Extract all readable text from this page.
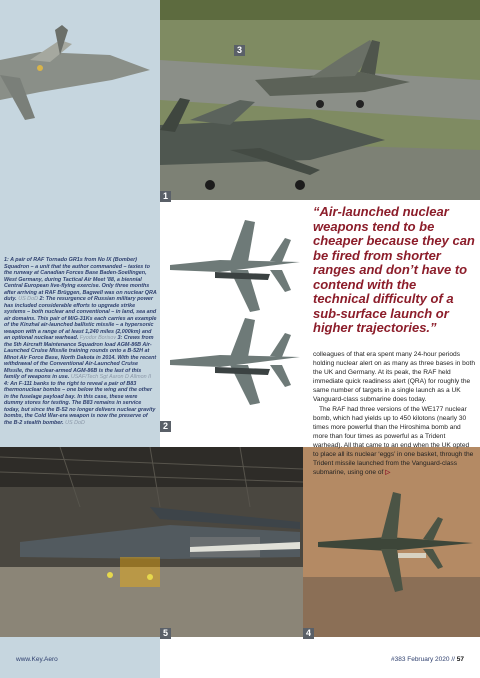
3
1
2
5	4
1: A pair of RAF Tornado GR1s from No IX (Bomber) Squadron – a unit that the author commanded – taxies to the runway at Canadian Forces Base Baden-Soellingen, West Germany, during Tactical Air Meet '88, a biennial Central European live-flying exercise. Only three months after arriving at RAF Brüggen, Bagwell was on nuclear QRA duty. US DoD 2: The resurgence of Russian military power has included considerable efforts to upgrade strike systems – both nuclear and conventional – in land, sea and air domains. This pair of MiG-31Ks each carries an example of the Kinzhal air-launched ballistic missile – a hypersonic weapon with a range of at least 1,240 miles (2,000km) and an optional nuclear warhead. Fyodor Borisov 3: Crews from the 5th Aircraft Maintenance Squadron load AGM-86B Air-Launched Cruise Missile training rounds onto a B-52H at Minot Air Force Base, North Dakota in 2014. With the recent withdrawal of the Conventional Air-Launched Cruise Missile, the nuclear-armed AGM-86B is the last of this family of weapons in use. USAF/Tech Sgt Aaron D Allmon II 4: An F-111 banks to the right to reveal a pair of B83 thermonuclear bombs – one below the wing and the other in the fuselage payload bay. In this case, these were dummy stores for testing. The B83 remains in service today, but since the B-52 no longer delivers nuclear gravity bombs, the Cold War-era weapon is now the preserve of the B-2 stealth bomber. US DoD
“Air-launched nuclear weapons tend to be cheaper because they can be fired from shorter ranges and don’t have to contend with the technical difficulty of a sub-surface launch or higher trajectories.”

colleagues of that era spent many 24-hour periods holding nuclear alert on as many as three bases in both the UK and Germany. At its peak, the RAF held immediate quick readiness alert (QRA) for roughly the same number of targets in a single launch as a UK Vanguard-class submarine does today.

The RAF had three versions of the WE177 nuclear bomb, which had yields up to 450 kilotons (nearly 30 times more powerful than the Hiroshima bomb and more than four times as powerful as a Trident warhead). All that came to an end when the UK opted to place all its nuclear ‘eggs’ in one basket, through the Trident missile launched from the Vanguard-class submarine, using one of ▷

www.Key.Aero	#383 February 2020 // 57
